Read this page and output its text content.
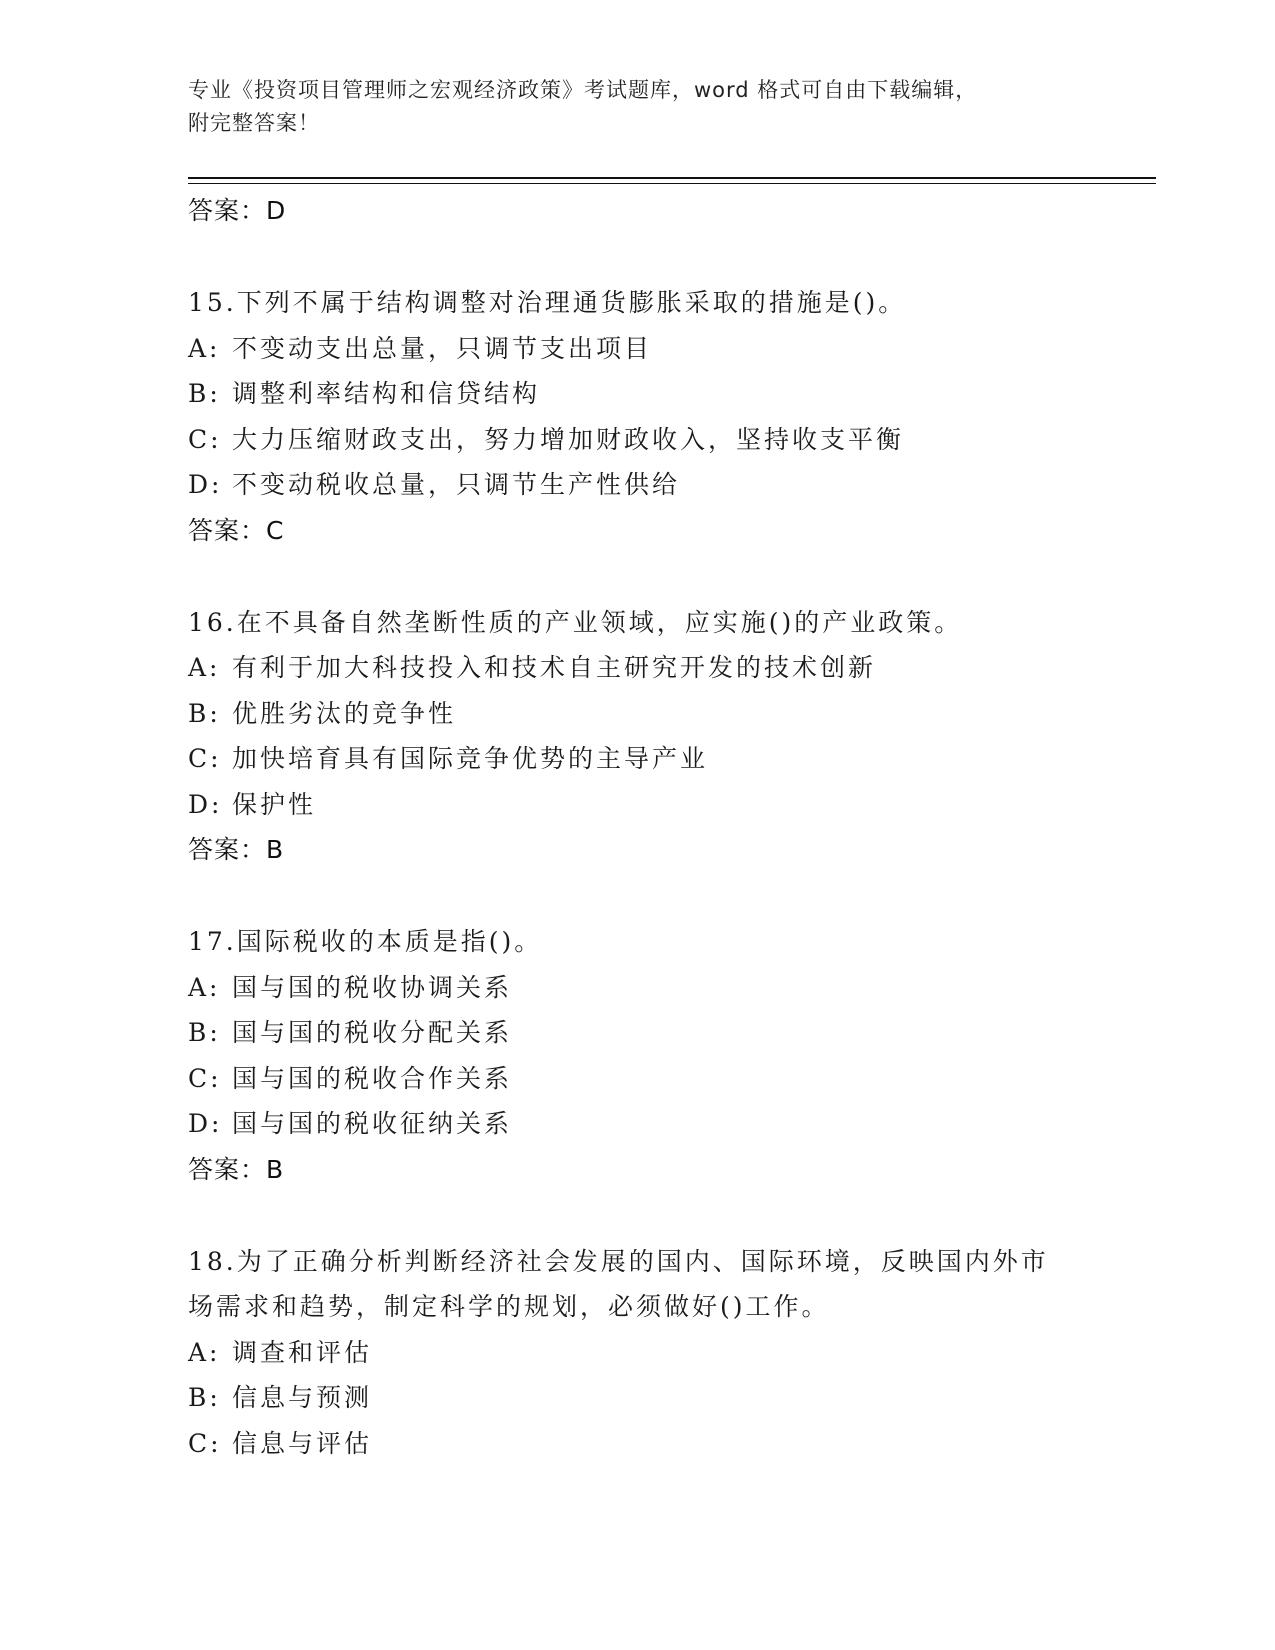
专业《投资项目管理师之宏观经济政策》考试题库，word 格式可自由下载编辑，
附完整答案！
答案：D
15.下列不属于结构调整对治理通货膨胀采取的措施是()。
A: 不变动支出总量，只调节支出项目
B: 调整利率结构和信贷结构
C: 大力压缩财政支出，努力增加财政收入，坚持收支平衡
D: 不变动税收总量，只调节生产性供给
答案：C
16.在不具备自然垄断性质的产业领域，应实施()的产业政策。
A: 有利于加大科技投入和技术自主研究开发的技术创新
B: 优胜劣汰的竞争性
C: 加快培育具有国际竞争优势的主导产业
D: 保护性
答案：B
17.国际税收的本质是指()。
A: 国与国的税收协调关系
B: 国与国的税收分配关系
C: 国与国的税收合作关系
D: 国与国的税收征纳关系
答案：B
18.为了正确分析判断经济社会发展的国内、国际环境，反映国内外市
场需求和趋势，制定科学的规划，必须做好()工作。
A: 调查和评估
B: 信息与预测
C: 信息与评估
